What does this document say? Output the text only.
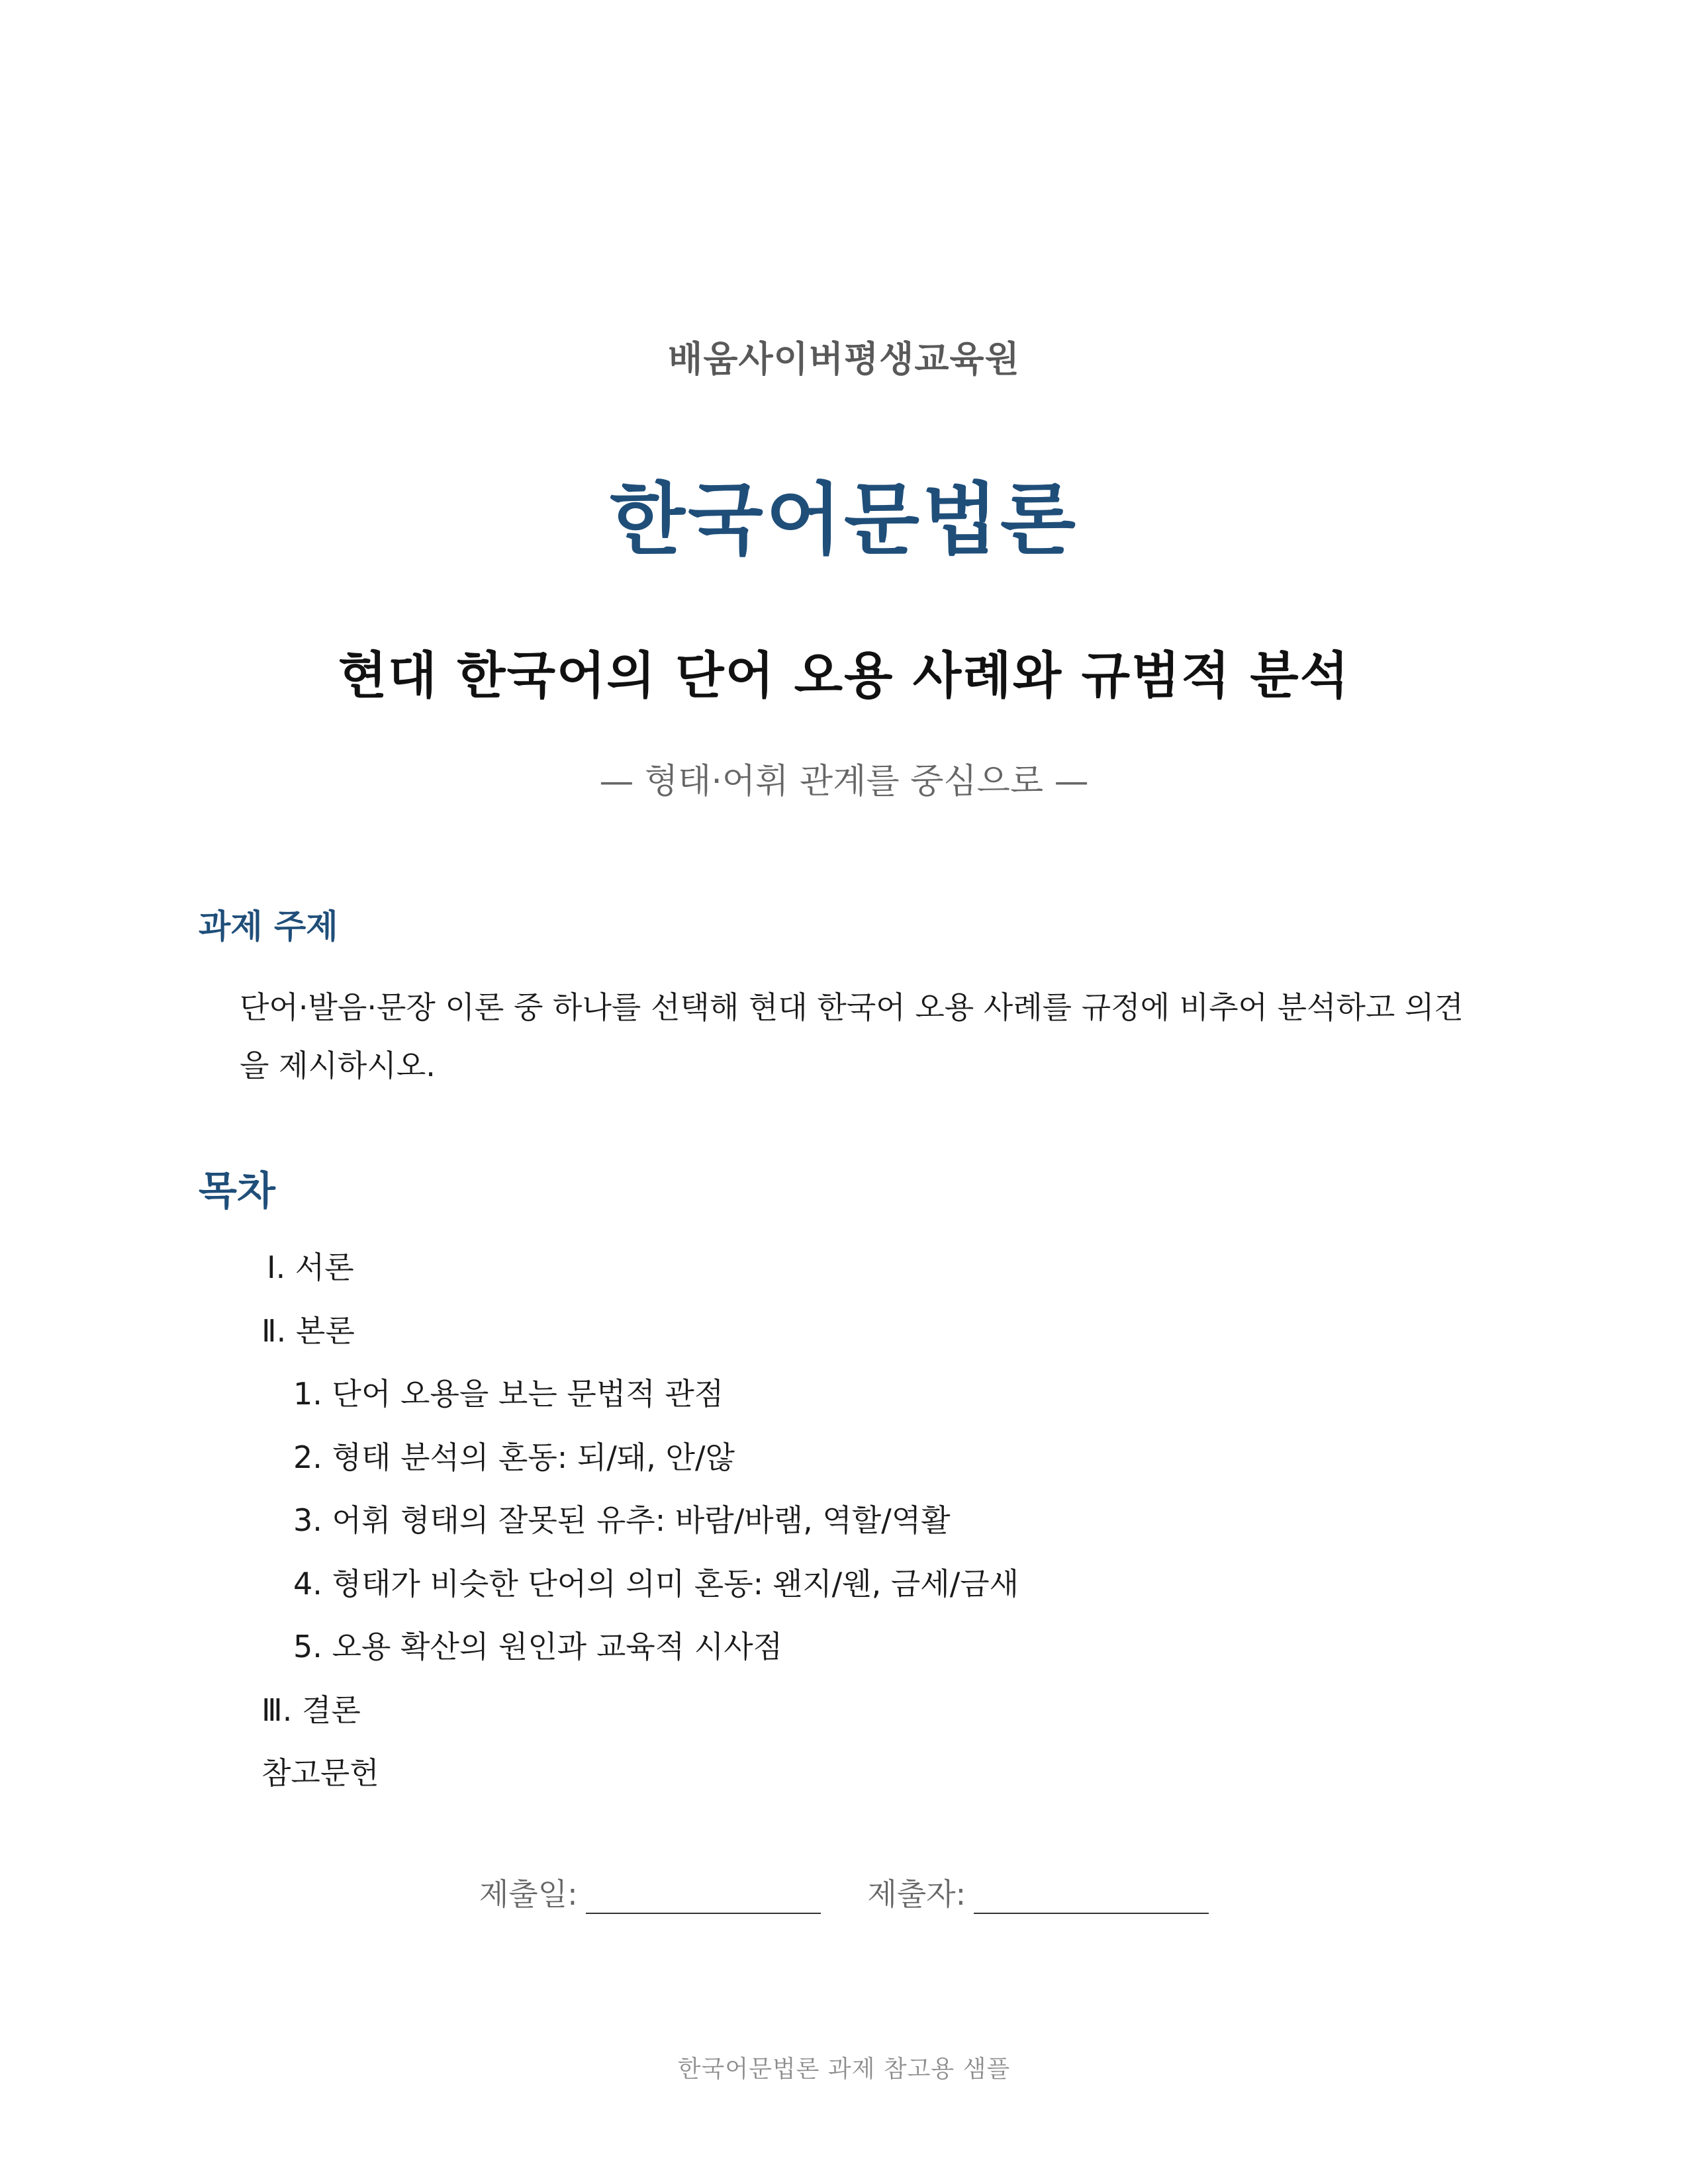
배움사이버평생교육원
한국어문법론
현대 한국어의 단어 오용 사례와 규범적 분석
— 형태·어휘 관계를 중심으로 —
과제 주제

단어·발음·문장 이론 중 하나를 선택해 현대 한국어 오용 사례를 규정에 비추어 분석하고 의견을 제시하시오.

목차
Ⅰ. 서론
Ⅱ. 본론
1. 단어 오용을 보는 문법적 관점
2. 형태 분석의 혼동: 되/돼, 안/않
3. 어휘 형태의 잘못된 유추: 바람/바램, 역할/역활
4. 형태가 비슷한 단어의 의미 혼동: 왠지/웬, 금세/금새
5. 오용 확산의 원인과 교육적 시사점
Ⅲ. 결론
참고문헌
제출일:	제출자:
한국어문법론 과제 참고용 샘플
